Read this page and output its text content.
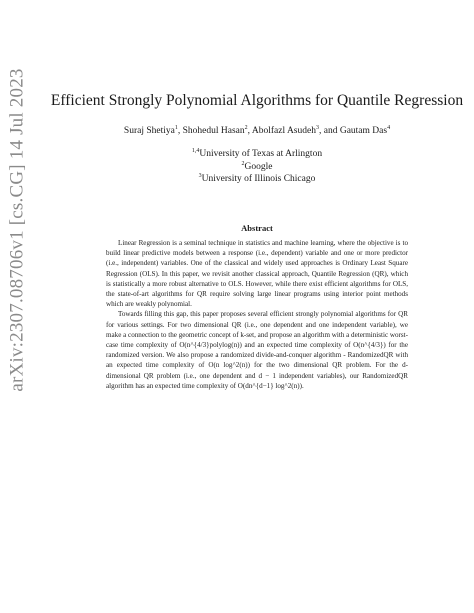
arXiv:2307.08706v1 [cs.CG] 14 Jul 2023	Efficient Strongly Polynomial Algorithms for Quantile Regression
Suraj Shetiya$^1$, Shohedul Hasan$^2$, Abolfazl Asudeh$^3$, and Gautam Das$^4$
$^{1,4}$University of Texas at Arlington
$^2$Google
$^3$University of Illinois Chicago
Abstract

Linear Regression is a seminal technique in statistics and machine learning, where the objective is to build linear predictive models between a response (i.e., dependent) variable and one or more predictor (i.e., independent) variables. One of the classical and widely used approaches is Ordinary Least Square Regression (OLS). In this paper, we revisit another classical approach, Quantile Regression (QR), which is statistically a more robust alternative to OLS. However, while there exist efficient algorithms for OLS, the state-of-art algorithms for QR require solving large linear programs using interior point methods which are weakly polynomial.

Towards filling this gap, this paper proposes several efficient strongly polynomial algorithms for QR for various settings. For two dimensional QR (i.e., one dependent and one independent variable), we make a connection to the geometric concept of k-set, and propose an algorithm with a deterministic worst-case time complexity of O(n^{4/3}polylog(n)) and an expected time complexity of O(n^{4/3}) for the randomized version. We also propose a randomized divide-and-conquer algorithm - RandomizedQR with an expected time complexity of O(n log^2(n)) for the two dimensional QR problem. For the d-dimensional QR problem (i.e., one dependent and d − 1 independent variables), our RandomizedQR algorithm has an expected time complexity of O(dn^{d−1} log^2(n)).
